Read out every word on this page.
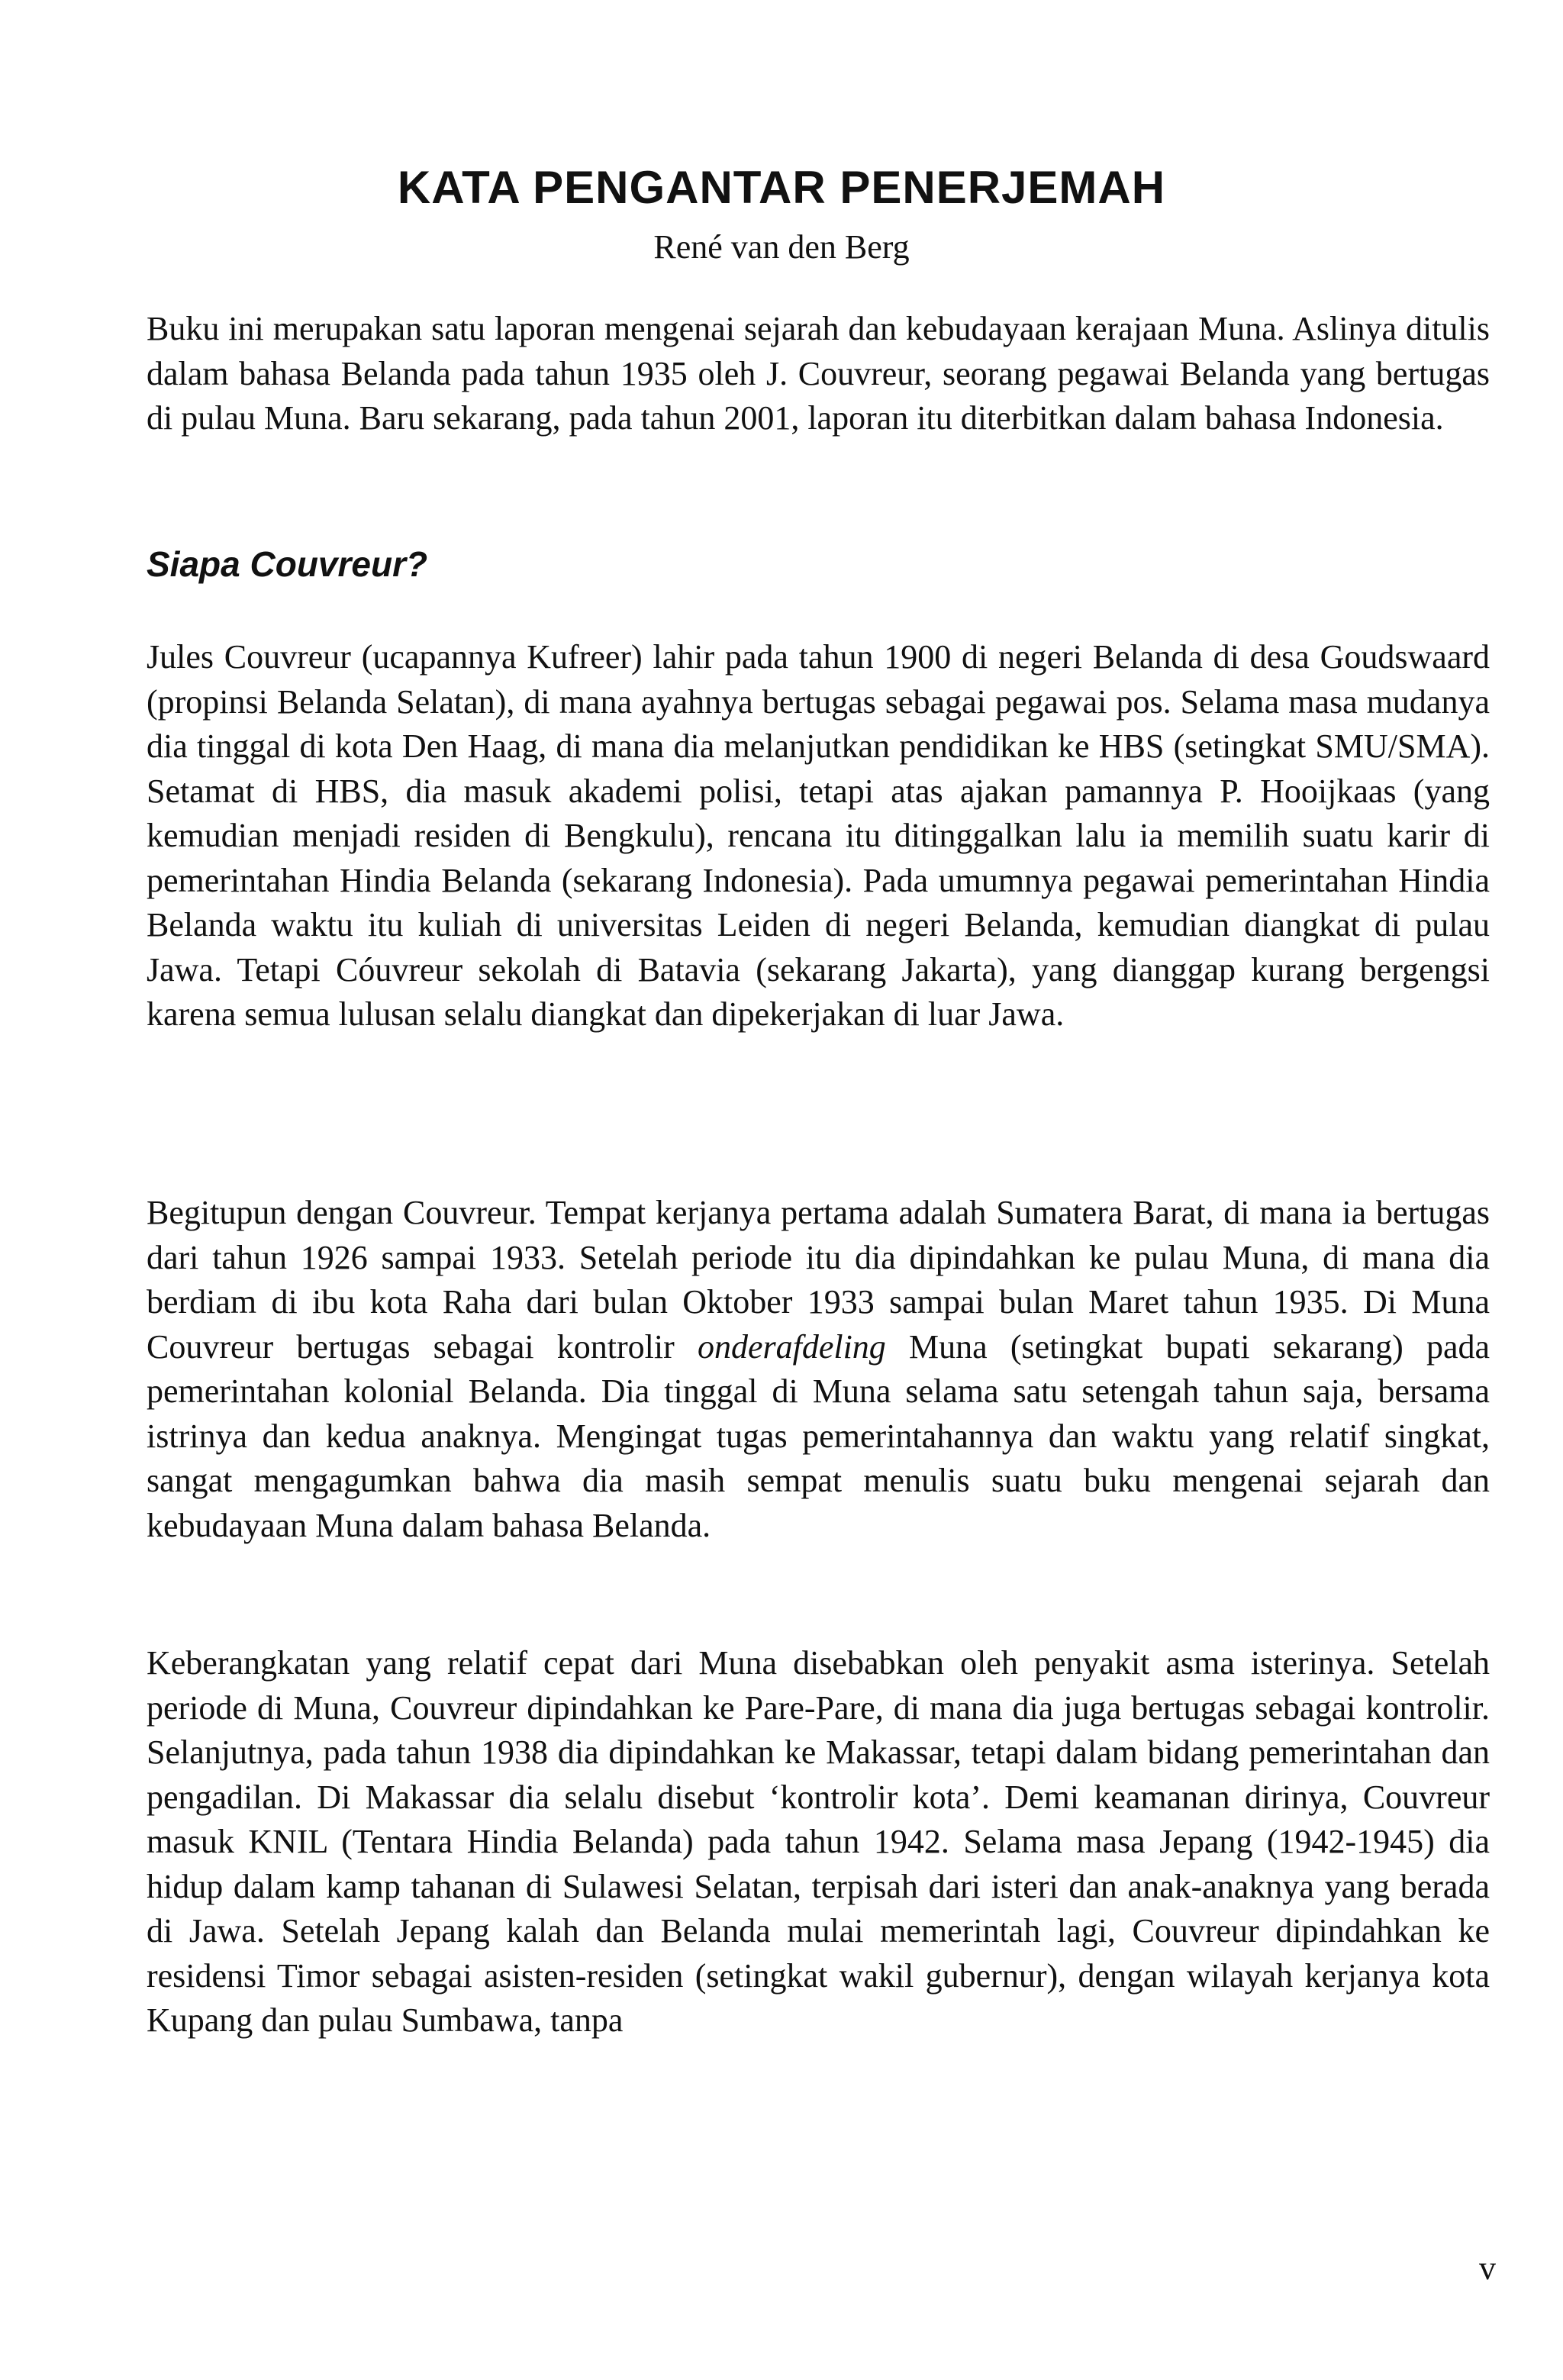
KATA PENGANTAR PENERJEMAH

René van den Berg

Buku ini merupakan satu laporan mengenai sejarah dan kebudayaan kerajaan Muna. Aslinya ditulis dalam bahasa Belanda pada tahun 1935 oleh J. Couvreur, seorang pegawai Belanda yang bertugas di pulau Muna. Baru sekarang, pada tahun 2001, laporan itu diterbitkan dalam bahasa Indonesia.

Siapa Couvreur?

Jules Couvreur (ucapannya Kufreer) lahir pada tahun 1900 di negeri Belanda di desa Goudswaard (propinsi Belanda Selatan), di mana ayahnya bertugas sebagai pegawai pos. Selama masa mudanya dia tinggal di kota Den Haag, di mana dia melanjutkan pendidikan ke HBS (setingkat SMU/SMA). Setamat di HBS, dia masuk akademi polisi, tetapi atas ajakan pamannya P. Hooijkaas (yang kemudian menjadi residen di Bengkulu), rencana itu ditinggalkan lalu ia memilih suatu karir di pemerintahan Hindia Belanda (sekarang Indonesia). Pada umumnya pegawai pemerintahan Hindia Belanda waktu itu kuliah di universitas Leiden di negeri Belanda, kemudian diangkat di pulau Jawa. Tetapi Cóuvreur sekolah di Batavia (sekarang Jakarta), yang dianggap kurang bergengsi karena semua lulusan selalu diangkat dan dipekerjakan di luar Jawa.

Begitupun dengan Couvreur. Tempat kerjanya pertama adalah Sumatera Barat, di mana ia bertugas dari tahun 1926 sampai 1933. Setelah periode itu dia dipindahkan ke pulau Muna, di mana dia berdiam di ibu kota Raha dari bulan Oktober 1933 sampai bulan Maret tahun 1935. Di Muna Couvreur bertugas sebagai kontrolir onderafdeling Muna (setingkat bupati sekarang) pada pemerintahan kolonial Belanda. Dia tinggal di Muna selama satu setengah tahun saja, bersama istrinya dan kedua anaknya. Mengingat tugas pemerintahannya dan waktu yang relatif singkat, sangat mengagumkan bahwa dia masih sempat menulis suatu buku mengenai sejarah dan kebudayaan Muna dalam bahasa Belanda.

Keberangkatan yang relatif cepat dari Muna disebabkan oleh penyakit asma isterinya. Setelah periode di Muna, Couvreur dipindahkan ke Pare-Pare, di mana dia juga bertugas sebagai kontrolir. Selanjutnya, pada tahun 1938 dia dipindahkan ke Makassar, tetapi dalam bidang pemerintahan dan pengadilan. Di Makassar dia selalu disebut ‘kontrolir kota’. Demi keamanan dirinya, Couvreur masuk KNIL (Tentara Hindia Belanda) pada tahun 1942. Selama masa Jepang (1942-1945) dia hidup dalam kamp tahanan di Sulawesi Selatan, terpisah dari isteri dan anak-anaknya yang berada di Jawa. Setelah Jepang kalah dan Belanda mulai memerintah lagi, Couvreur dipindahkan ke residensi Timor sebagai asisten-residen (setingkat wakil gubernur), dengan wilayah kerjanya kota Kupang dan pulau Sumbawa, tanpa

v
